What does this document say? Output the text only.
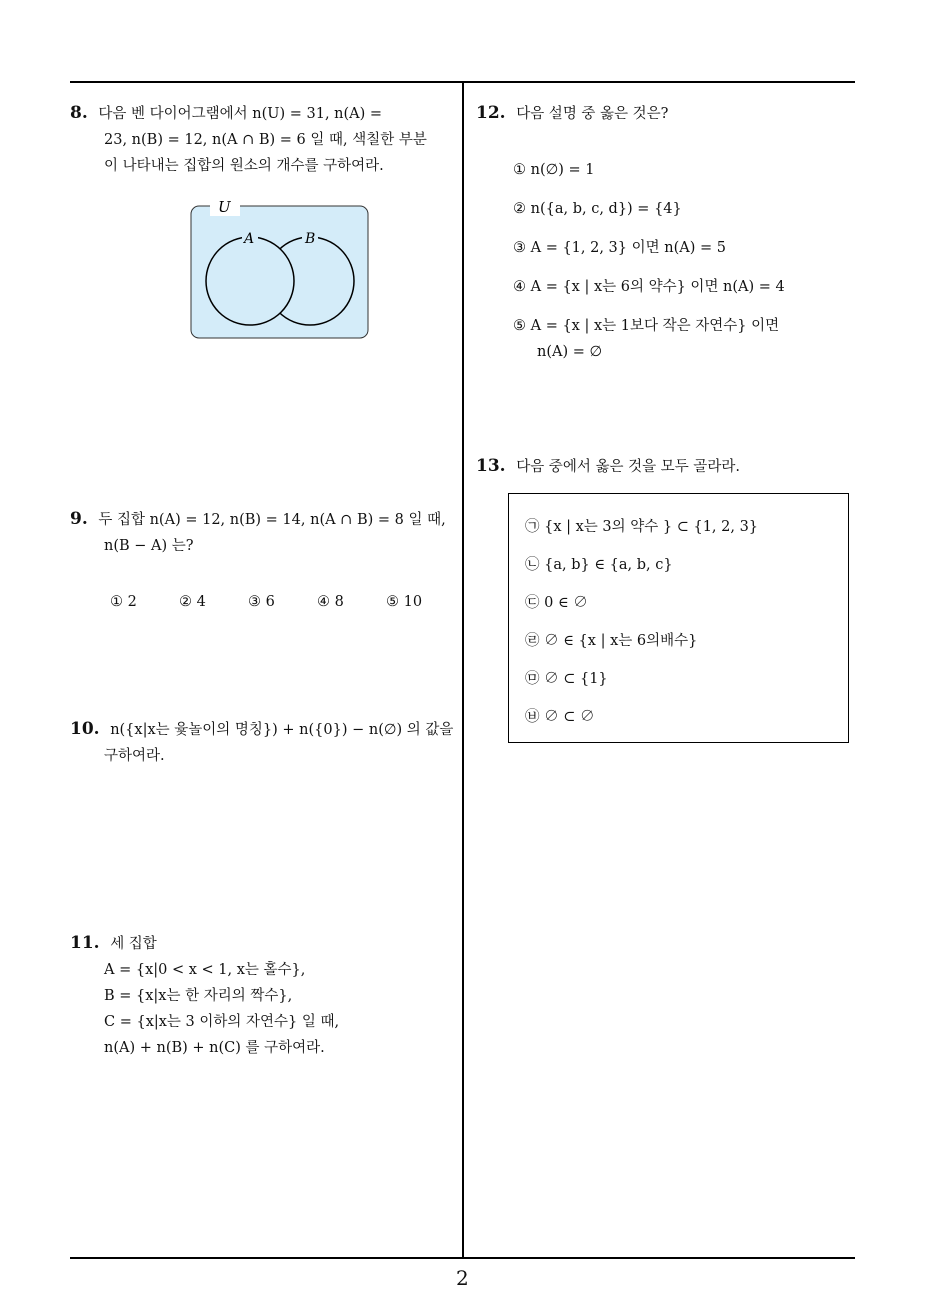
8. 다음 벤 다이어그램에서 n(U) = 31, n(A) =
23, n(B) = 12, n(A ∩ B) = 6 일 때, 색칠한 부분
이 나타내는 집합의 원소의 개수를 구하여라.
U
A	B
9. 두 집합 n(A) = 12, n(B) = 14, n(A ∩ B) = 8 일 때,
n(B − A) 는?
① 2	② 4	③ 6	④ 8	⑤ 10
10. n({x|x는 윷놀이의 명칭}) + n({0}) − n(∅) 의 값을
구하여라.
11. 세 집합
A = {x|0 < x < 1, x는 홀수},
B = {x|x는 한 자리의 짝수},
C = {x|x는 3 이하의 자연수} 일 때,
n(A) + n(B) + n(C) 를 구하여라.
12. 다음 설명 중 옳은 것은?
① n(∅) = 1
② n({a, b, c, d}) = {4}
③ A = {1, 2, 3} 이면 n(A) = 5
④ A = {x | x는 6의 약수} 이면 n(A) = 4
⑤ A = {x | x는 1보다 작은 자연수} 이면
n(A) = ∅
13. 다음 중에서 옳은 것을 모두 골라라.
㉠ {x | x는 3의 약수 } ⊂ {1, 2, 3}
㉡ {a, b} ∈ {a, b, c}
㉢ 0 ∈ ∅
㉣ ∅ ∈ {x | x는 6의배수}
㉤ ∅ ⊂ {1}
㉥ ∅ ⊂ ∅
2
